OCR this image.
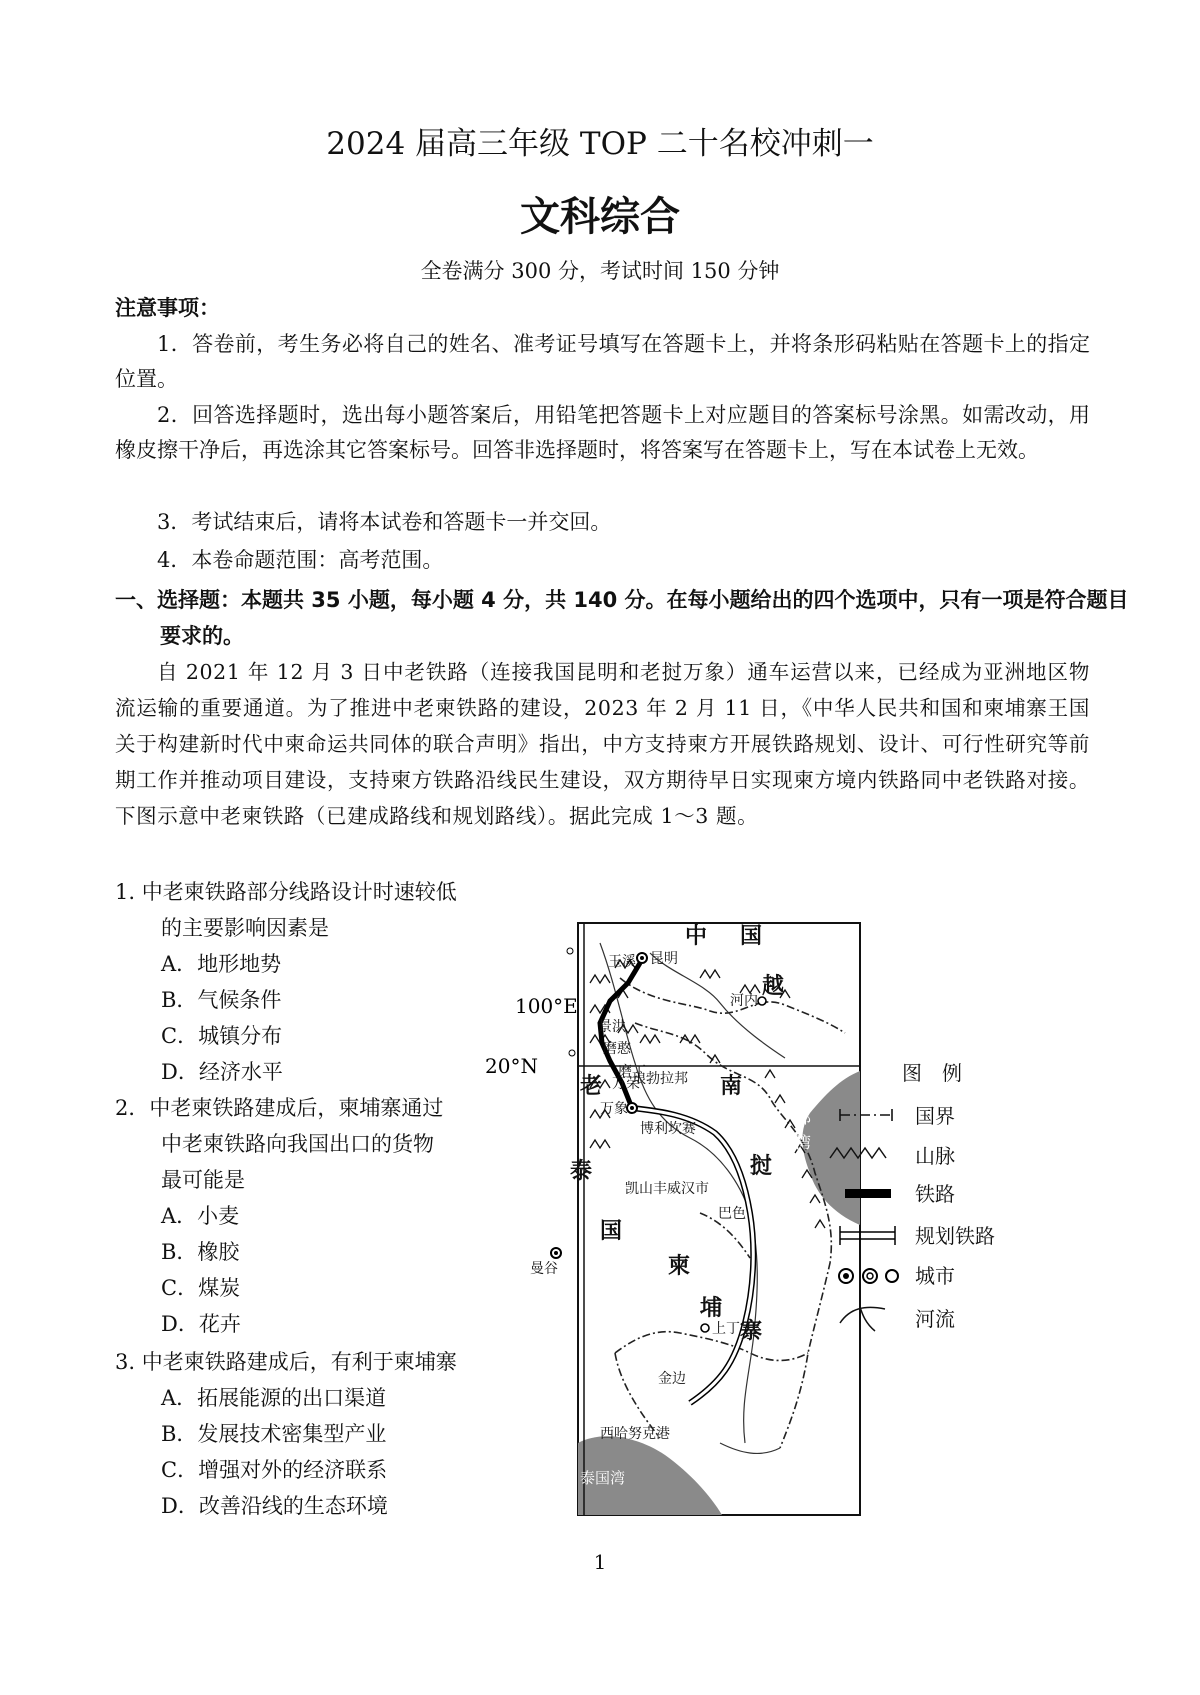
2024 届高三年级 TOP 二十名校冲刺一
文科综合
全卷满分 300 分，考试时间 150 分钟
注意事项：
1．答卷前，考生务必将自己的姓名、准考证号填写在答题卡上，并将条形码粘贴在答题卡上的指定位置。
2．回答选择题时，选出每小题答案后，用铅笔把答题卡上对应题目的答案标号涂黑。如需改动，用橡皮擦干净后，再选涂其它答案标号。回答非选择题时，将答案写在答题卡上，写在本试卷上无效。
3．考试结束后，请将本试卷和答题卡一并交回。
4．本卷命题范围：高考范围。
一、选择题：本题共 35 小题，每小题 4 分，共 140 分。在每小题给出的四个选项中，只有一项是符合题目要求的。
自 2021 年 12 月 3 日中老铁路（连接我国昆明和老挝万象）通车运营以来，已经成为亚洲地区物流运输的重要通道。为了推进中老柬铁路的建设，2023 年 2 月 11 日，《中华人民共和国和柬埔寨王国关于构建新时代中柬命运共同体的联合声明》指出，中方支持柬方开展铁路规划、设计、可行性研究等前期工作并推动项目建设，支持柬方铁路沿线民生建设，双方期待早日实现柬方境内铁路同中老铁路对接。下图示意中老柬铁路（已建成路线和规划路线）。据此完成 1～3 题。
1. 中老柬铁路部分线路设计时速较低
的主要影响因素是
A．地形地势
B．气候条件
C．城镇分布
D．经济水平
2．中老柬铁路建成后，柬埔寨通过
中老柬铁路向我国出口的货物
最可能是
A．小麦
B．橡胶
C．煤炭
D．花卉
3. 中老柬铁路建成后，有利于柬埔寨
A．拓展能源的出口渠道
B．发展技术密集型产业
C．增强对外的经济联系
D．改善沿线的生态环境
100°E
20°N
中 国
越
南
老
挝
泰
国
柬
埔
寨
北
部
湾
泰国湾
昆明
玉溪
景洪
磨憨
磨丁
河内
琅勃拉邦
万荣
万象
博利坎赛
凯山丰威汉市
巴色
曼谷
上丁
金边
西哈努克港
图　例
国界
山脉
铁路
规划铁路
城市
河流
1
